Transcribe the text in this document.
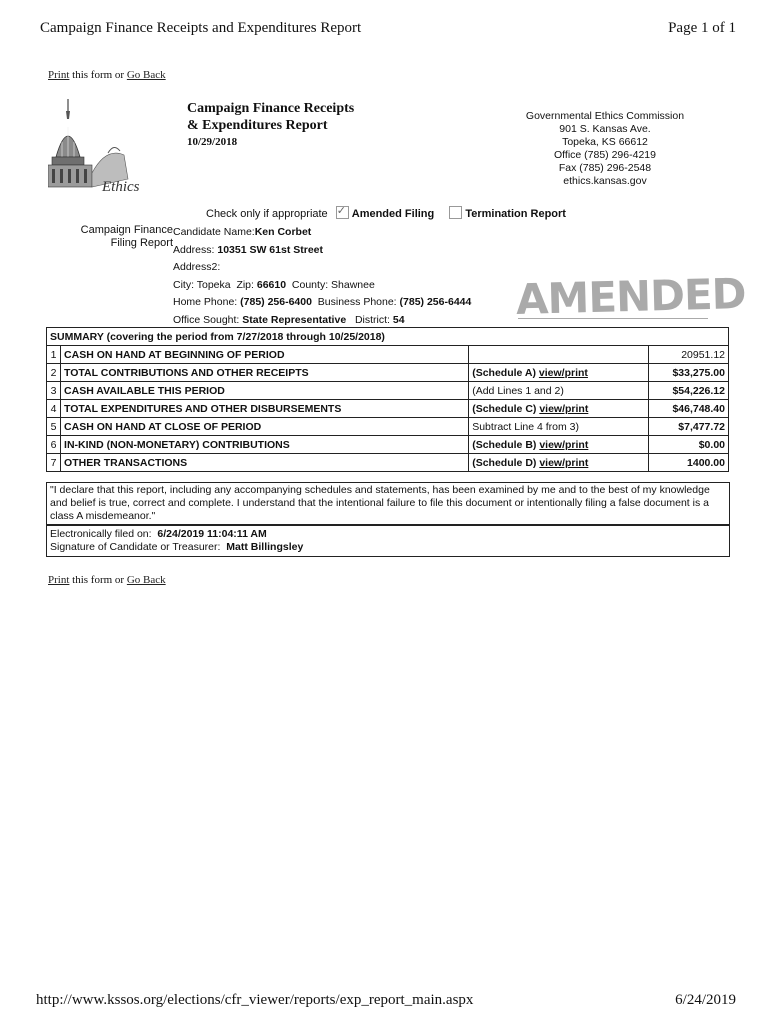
Campaign Finance Receipts and Expenditures Report	Page 1 of 1
Print this form or Go Back
Ethics
Campaign Finance Receipts
& Expenditures Report
10/29/2018
Governmental Ethics Commission
901 S. Kansas Ave.
Topeka, KS 66612
Office (785) 296-4219
Fax (785) 296-2548
ethics.kansas.gov
Check only if appropriate ✓ Amended Filing	Termination Report
Campaign Finance
Filing Report
Candidate Name:Ken Corbet
Address: 10351 SW 61st Street
Address2:
City: Topeka Zip: 66610 County: Shawnee
Home Phone: (785) 256-6400 Business Phone: (785) 256-6444
Office Sought: State Representative District: 54	AMENDED
SUMMARY (covering the period from 7/27/2018 through 10/25/2018)			
1	CASH ON HAND AT BEGINNING OF PERIOD		20951.12
2	TOTAL CONTRIBUTIONS AND OTHER RECEIPTS	(Schedule A) view/print	$33,275.00
3	CASH AVAILABLE THIS PERIOD	(Add Lines 1 and 2)	$54,226.12
4	TOTAL EXPENDITURES AND OTHER DISBURSEMENTS	(Schedule C) view/print	$46,748.40
5	CASH ON HAND AT CLOSE OF PERIOD	Subtract Line 4 from 3)	$7,477.72
6	IN-KIND (NON-MONETARY) CONTRIBUTIONS	(Schedule B) view/print	$0.00
7	OTHER TRANSACTIONS	(Schedule D) view/print	1400.00
"I declare that this report, including any accompanying schedules and statements, has been examined by me and to the best of my knowledge and belief is true, correct and complete. I understand that the intentional failure to file this document or intentionally filing a false document is a class A misdemeanor."
Electronically filed on: 6/24/2019 11:04:11 AM
Signature of Candidate or Treasurer: Matt Billingsley
Print this form or Go Back
http://www.kssos.org/elections/cfr_viewer/reports/exp_report_main.aspx	6/24/2019
